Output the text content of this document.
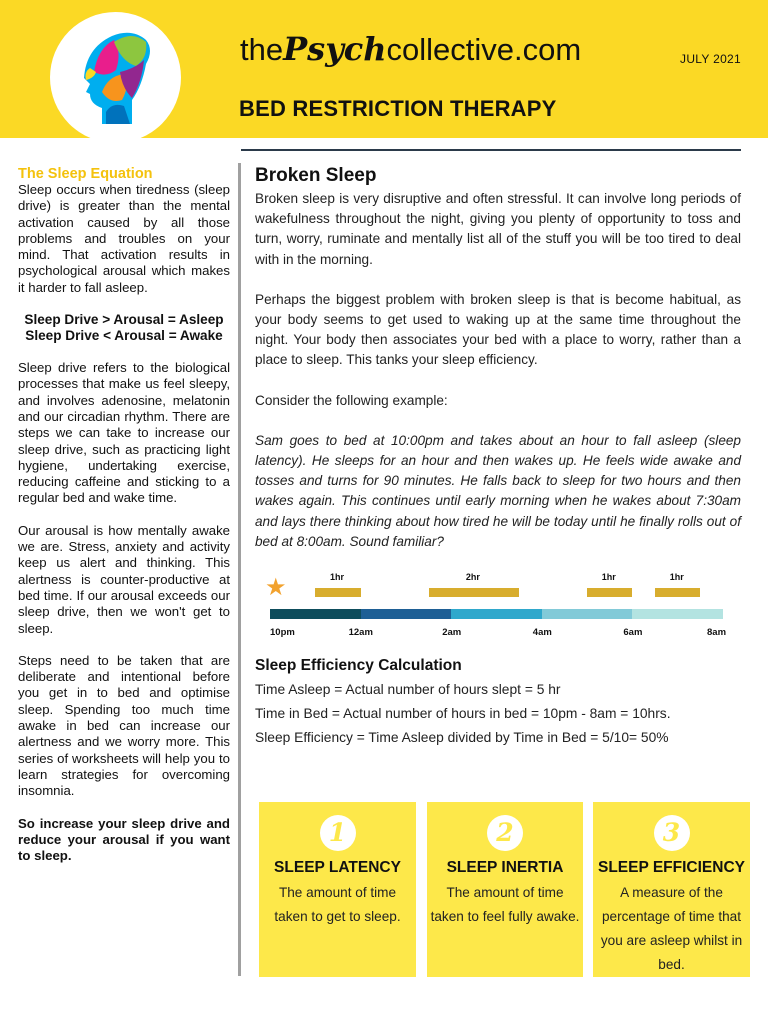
thePsychcollective.com	JULY 2021
BED RESTRICTION THERAPY
The Sleep Equation

Sleep occurs when tiredness (sleep drive) is greater than the mental activation caused by all those problems and troubles on your mind. That activation results in psychological arousal which makes it harder to fall asleep.

Sleep Drive > Arousal = Asleep
Sleep Drive < Arousal = Awake

Sleep drive refers to the biological processes that make us feel sleepy, and involves adenosine, melatonin and our circadian rhythm. There are steps we can take to increase our sleep drive, such as practicing light hygiene, undertaking exercise, reducing caffeine and sticking to a regular bed and wake time.

Our arousal is how mentally awake we are. Stress, anxiety and activity keep us alert and thinking. This alertness is counter-productive at bed time. If our arousal exceeds our sleep drive, then we won't get to sleep.

Steps need to be taken that are deliberate and intentional before you get in to bed and optimise sleep. Spending too much time awake in bed can increase our alertness and we worry more. This series of worksheets will help you to learn strategies for overcoming insomnia.

So increase your sleep drive and reduce your arousal if you want to sleep.

Broken Sleep

Broken sleep is very disruptive and often stressful. It can involve long periods of wakefulness throughout the night, giving you plenty of opportunity to toss and turn, worry, ruminate and mentally list all of the stuff you will be too tired to deal with in the morning.

Perhaps the biggest problem with broken sleep is that is become habitual, as your body seems to get used to waking up at the same time throughout the night. Your body then associates your bed with a place to worry, rather than a place to sleep. This tanks your sleep efficiency.

Consider the following example:

Sam goes to bed at 10:00pm and takes about an hour to fall asleep (sleep latency). He sleeps for an hour and then wakes up. He feels wide awake and tosses and turns for 90 minutes. He falls back to sleep for two hours and then wakes again. This continues until early morning when he wakes about 7:30am and lays there thinking about how tired he will be today until he finally rolls out of bed at 8:00am. Sound familiar?

★	1hr	2hr	1hr	1hr
10pm	12am	2am	4am	6am	8am
Sleep Efficiency Calculation
Time Asleep = Actual number of hours slept = 5 hr
Time in Bed = Actual number of hours in bed = 10pm - 8am = 10hrs.
Sleep Efficiency = Time Asleep divided by Time in Bed = 5/10= 50%
1
SLEEP LATENCY
The amount of time taken to get to sleep.
2
SLEEP INERTIA
The amount of time taken to feel fully awake.
3
SLEEP EFFICIENCY
A measure of the percentage of time that you are asleep whilst in bed.
